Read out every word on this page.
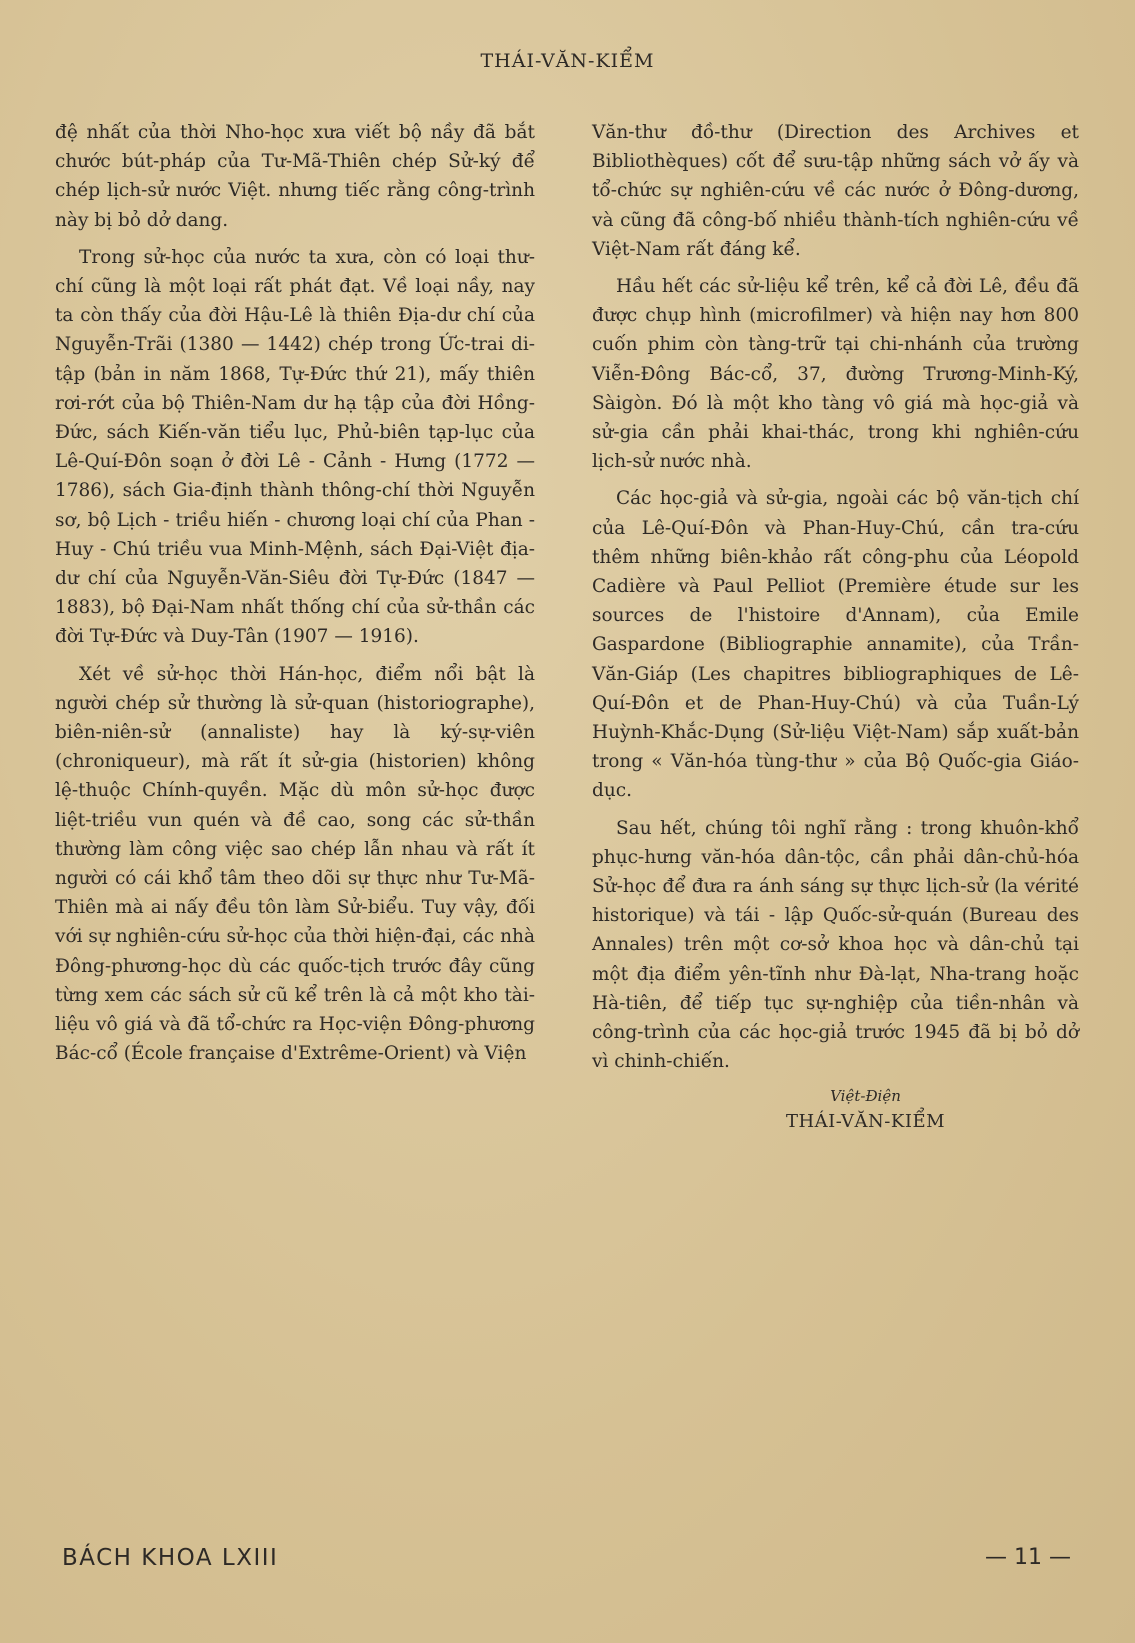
THÁI-VĂN-KIỂM

đệ nhất của thời Nho-học xưa viết bộ nầy đã bắt chước bút-pháp của Tư-Mã-Thiên chép Sử-ký để chép lịch-sử nước Việt. nhưng tiếc rằng công-trình này bị bỏ dở dang.

Trong sử-học của nước ta xưa, còn có loại thư-chí cũng là một loại rất phát đạt. Về loại nầy, nay ta còn thấy của đời Hậu-Lê là thiên Địa-dư chí của Nguyễn-Trãi (1380 — 1442) chép trong Ức-trai di-tập (bản in năm 1868, Tự-Đức thứ 21), mấy thiên rơi-rớt của bộ Thiên-Nam dư hạ tập của đời Hồng-Đức, sách Kiến-văn tiểu lục, Phủ-biên tạp-lục của Lê-Quí-Đôn soạn ở đời Lê - Cảnh - Hưng (1772 — 1786), sách Gia-định thành thông-chí thời Nguyễn sơ, bộ Lịch - triều hiến - chương loại chí của Phan - Huy - Chú triều vua Minh-Mệnh, sách Đại-Việt địa-dư chí của Nguyễn-Văn-Siêu đời Tự-Đức (1847 — 1883), bộ Đại-Nam nhất thống chí của sử-thần các đời Tự-Đức và Duy-Tân (1907 — 1916).

Xét về sử-học thời Hán-học, điểm nổi bật là người chép sử thường là sử-quan (historiographe), biên-niên-sử (annaliste) hay là ký-sự-viên (chroniqueur), mà rất ít sử-gia (historien) không lệ-thuộc Chính-quyền. Mặc dù môn sử-học được liệt-triều vun quén và đề cao, song các sử-thần thường làm công việc sao chép lẫn nhau và rất ít người có cái khổ tâm theo dõi sự thực như Tư-Mã-Thiên mà ai nấy đều tôn làm Sử-biểu. Tuy vậy, đối với sự nghiên-cứu sử-học của thời hiện-đại, các nhà Đông-phương-học dù các quốc-tịch trước đây cũng từng xem các sách sử cũ kể trên là cả một kho tài-liệu vô giá và đã tổ-chức ra Học-viện Đông-phương Bác-cổ (École française d'Extrême-Orient) và Viện

Văn-thư đồ-thư (Direction des Archives et Bibliothèques) cốt để sưu-tập những sách vở ấy và tổ-chức sự nghiên-cứu về các nước ở Đông-dương, và cũng đã công-bố nhiều thành-tích nghiên-cứu về Việt-Nam rất đáng kể.

Hầu hết các sử-liệu kể trên, kể cả đời Lê, đều đã được chụp hình (microfilmer) và hiện nay hơn 800 cuốn phim còn tàng-trữ tại chi-nhánh của trường Viễn-Đông Bác-cổ, 37, đường Trương-Minh-Ký, Sàigòn. Đó là một kho tàng vô giá mà học-giả và sử-gia cần phải khai-thác, trong khi nghiên-cứu lịch-sử nước nhà.

Các học-giả và sử-gia, ngoài các bộ văn-tịch chí của Lê-Quí-Đôn và Phan-Huy-Chú, cần tra-cứu thêm những biên-khảo rất công-phu của Léopold Cadière và Paul Pelliot (Première étude sur les sources de l'histoire d'Annam), của Emile Gaspardone (Bibliographie annamite), của Trần-Văn-Giáp (Les chapitres bibliographiques de Lê-Quí-Đôn et de Phan-Huy-Chú) và của Tuần-Lý Huỳnh-Khắc-Dụng (Sử-liệu Việt-Nam) sắp xuất-bản trong « Văn-hóa tùng-thư » của Bộ Quốc-gia Giáo-dục.

Sau hết, chúng tôi nghĩ rằng : trong khuôn-khổ phục-hưng văn-hóa dân-tộc, cần phải dân-chủ-hóa Sử-học để đưa ra ánh sáng sự thực lịch-sử (la vérité historique) và tái - lập Quốc-sử-quán (Bureau des Annales) trên một cơ-sở khoa học và dân-chủ tại một địa điểm yên-tĩnh như Đà-lạt, Nha-trang hoặc Hà-tiên, để tiếp tục sự-nghiệp của tiền-nhân và công-trình của các học-giả trước 1945 đã bị bỏ dở vì chinh-chiến.

Việt-Điện
THÁI-VĂN-KIỂM
BÁCH KHOA LXIII	— 11 —
